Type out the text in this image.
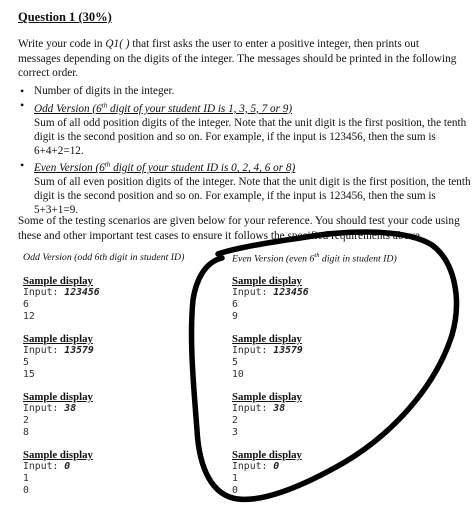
Question 1 (30%)
Write your code in Q1( ) that first asks the user to enter a positive integer, then prints out messages depending on the digits of the integer. The messages should be printed in the following correct order.
• Number of digits in the integer.
• Odd Version (6th digit of your student ID is 1, 3, 5, 7 or 9)
Sum of all odd position digits of the integer. Note that the unit digit is the first position, the tenth digit is the second position and so on. For example, if the input is 123456, then the sum is 6+4+2=12.
• Even Version (6th digit of your student ID is 0, 2, 4, 6 or 8)
Sum of all even position digits of the integer. Note that the unit digit is the first position, the tenth digit is the second position and so on. For example, if the input is 123456, then the sum is 5+3+1=9.
Some of the testing scenarios are given below for your reference. You should test your code using these and other important test cases to ensure it follows the specified requirements above.
Odd Version (odd 6th digit in student ID)	Even Version (even 6th digit in student ID)
Sample display
Input: 123456
6
12
Sample display
Input: 13579
5
15
Sample display
Input: 38
2
8
Sample display
Input: 0
1
0
Sample display
Input: 123456
6
9
Sample display
Input: 13579
5
10
Sample display
Input: 38
2
3
Sample display
Input: 0
1
0
